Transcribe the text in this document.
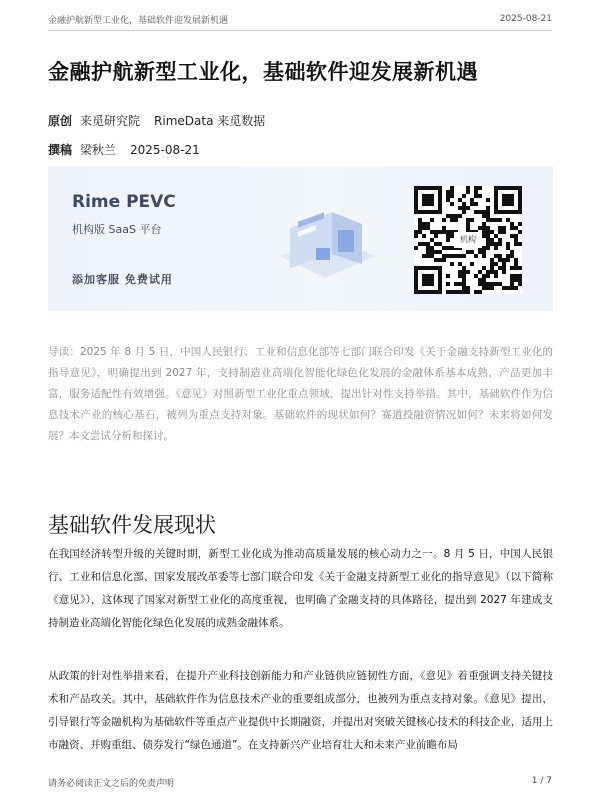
金融护航新型工业化，基础软件迎发展新机遇	2025-08-21
金融护航新型工业化，基础软件迎发展新机遇
原创 来觅研究院 RimeData 来觅数据
撰稿 梁秋兰 2025-08-21
Rime PEVC
机构版 SaaS 平台
添加客服 免费试用
机构
导读：2025 年 8 月 5 日，中国人民银行、工业和信息化部等七部门联合印发《关于金融支持新型工业化的指导意见》，明确提出到 2027 年，支持制造业高端化智能化绿色化发展的金融体系基本成熟，产品更加丰富，服务适配性有效增强。《意见》对照新型工业化重点领域，提出针对性支持举措。其中，基础软件作为信息技术产业的核心基石，被列为重点支持对象。基础软件的现状如何？赛道投融资情况如何？未来将如何发展？本文尝试分析和探讨。
基础软件发展现状
在我国经济转型升级的关键时期，新型工业化成为推动高质量发展的核心动力之一。8 月 5 日，中国人民银行、工业和信息化部、国家发展改革委等七部门联合印发《关于金融支持新型工业化的指导意见》（以下简称《意见》），这体现了国家对新型工业化的高度重视，也明确了金融支持的具体路径，提出到 2027 年建成支持制造业高端化智能化绿色化发展的成熟金融体系。
从政策的针对性举措来看，在提升产业科技创新能力和产业链供应链韧性方面，《意见》着重强调支持关键技术和产品攻关。其中，基础软件作为信息技术产业的重要组成部分，也被列为重点支持对象。《意见》提出，引导银行等金融机构为基础软件等重点产业提供中长期融资，并提出对突破关键核心技术的科技企业，适用上市融资、并购重组、债券发行“绿色通道”。在支持新兴产业培育壮大和未来产业前瞻布局
请务必阅读正文之后的免责声明	1 / 7
